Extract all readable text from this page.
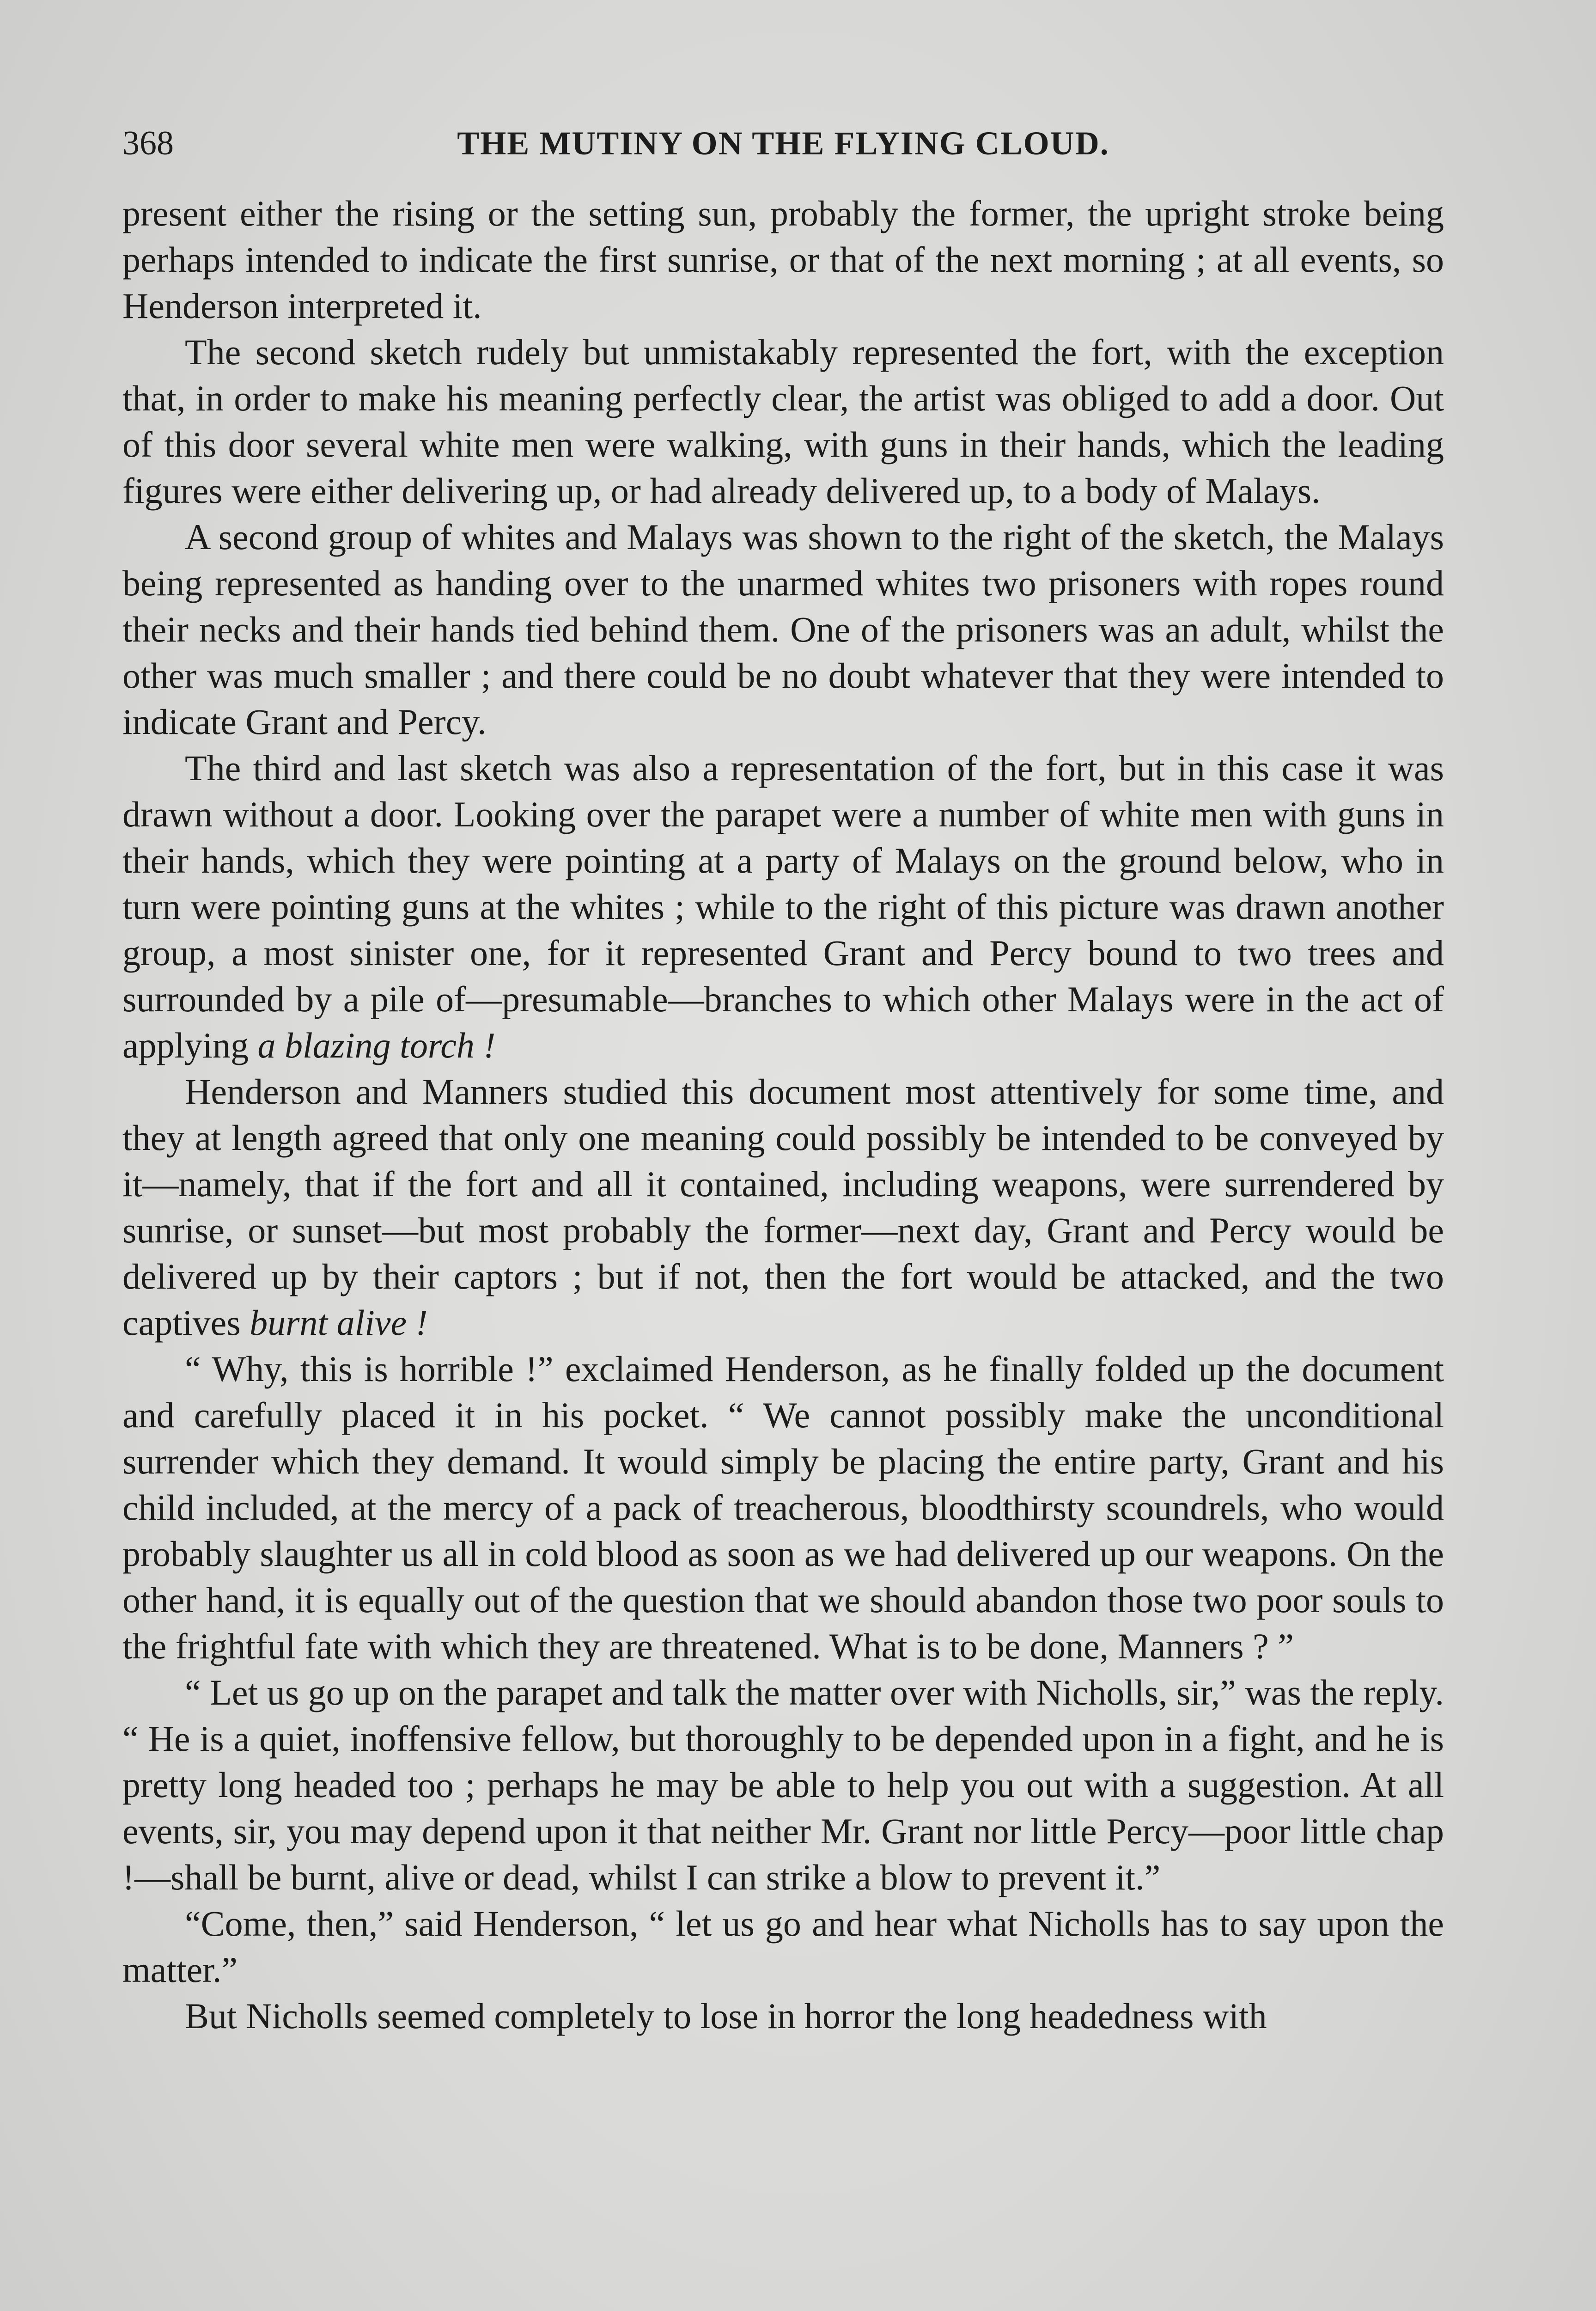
368	THE MUTINY ON THE FLYING CLOUD.

present either the rising or the setting sun, probably the former, the upright stroke being perhaps intended to indicate the first sunrise, or that of the next morning ; at all events, so Henderson interpreted it.

The second sketch rudely but unmistakably represented the fort, with the exception that, in order to make his meaning perfectly clear, the artist was obliged to add a door. Out of this door several white men were walking, with guns in their hands, which the leading figures were either delivering up, or had already delivered up, to a body of Malays.

A second group of whites and Malays was shown to the right of the sketch, the Malays being represented as handing over to the unarmed whites two prisoners with ropes round their necks and their hands tied behind them. One of the prisoners was an adult, whilst the other was much smaller ; and there could be no doubt whatever that they were intended to indicate Grant and Percy.

The third and last sketch was also a representation of the fort, but in this case it was drawn without a door. Looking over the parapet were a number of white men with guns in their hands, which they were pointing at a party of Malays on the ground below, who in turn were pointing guns at the whites ; while to the right of this picture was drawn another group, a most sinister one, for it represented Grant and Percy bound to two trees and surrounded by a pile of—presumable—branches to which other Malays were in the act of applying a blazing torch !

Henderson and Manners studied this document most attentively for some time, and they at length agreed that only one meaning could possibly be intended to be conveyed by it—namely, that if the fort and all it contained, including weapons, were surrendered by sunrise, or sunset—but most probably the former—next day, Grant and Percy would be delivered up by their captors ; but if not, then the fort would be attacked, and the two captives burnt alive !

“ Why, this is horrible !” exclaimed Henderson, as he finally folded up the document and carefully placed it in his pocket. “ We cannot possibly make the unconditional surrender which they demand. It would simply be placing the entire party, Grant and his child included, at the mercy of a pack of treacherous, bloodthirsty scoundrels, who would probably slaughter us all in cold blood as soon as we had delivered up our weapons. On the other hand, it is equally out of the question that we should abandon those two poor souls to the frightful fate with which they are threatened. What is to be done, Manners ? ”

“ Let us go up on the parapet and talk the matter over with Nicholls, sir,” was the reply. “ He is a quiet, inoffensive fellow, but thoroughly to be depended upon in a fight, and he is pretty long headed too ; perhaps he may be able to help you out with a suggestion. At all events, sir, you may depend upon it that neither Mr. Grant nor little Percy—poor little chap !—shall be burnt, alive or dead, whilst I can strike a blow to prevent it.”

“Come, then,” said Henderson, “ let us go and hear what Nicholls has to say upon the matter.”

But Nicholls seemed completely to lose in horror the long headedness with
